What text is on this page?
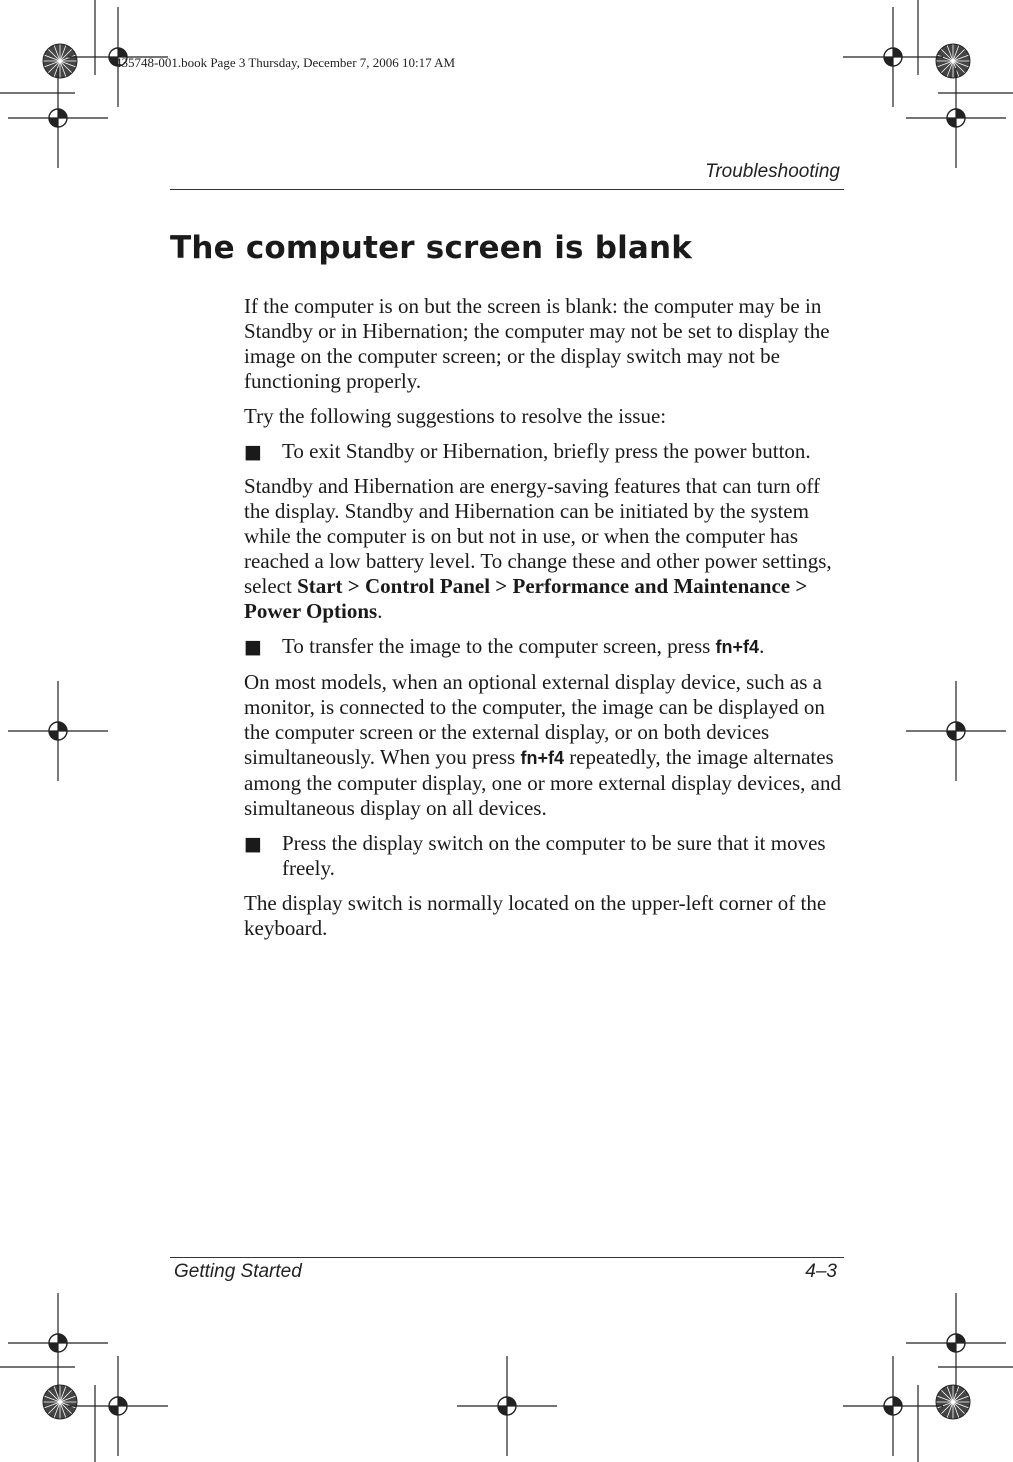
435748-001.book Page 3 Thursday, December 7, 2006 10:17 AM
Troubleshooting
The computer screen is blank

If the computer is on but the screen is blank: the computer may be in Standby or in Hibernation; the computer may not be set to display the image on the computer screen; or the display switch may not be functioning properly.

Try the following suggestions to resolve the issue:

■ To exit Standby or Hibernation, briefly press the power button.

Standby and Hibernation are energy-saving features that can turn off the display. Standby and Hibernation can be initiated by the system while the computer is on but not in use, or when the computer has reached a low battery level. To change these and other power settings, select Start > Control Panel > Performance and Maintenance > Power Options.

■ To transfer the image to the computer screen, press fn+f4.

On most models, when an optional external display device, such as a monitor, is connected to the computer, the image can be displayed on the computer screen or the external display, or on both devices simultaneously. When you press fn+f4 repeatedly, the image alternates among the computer display, one or more external display devices, and simultaneous display on all devices.

■ Press the display switch on the computer to be sure that it moves freely.

The display switch is normally located on the upper-left corner of the keyboard.

Getting Started	4–3
